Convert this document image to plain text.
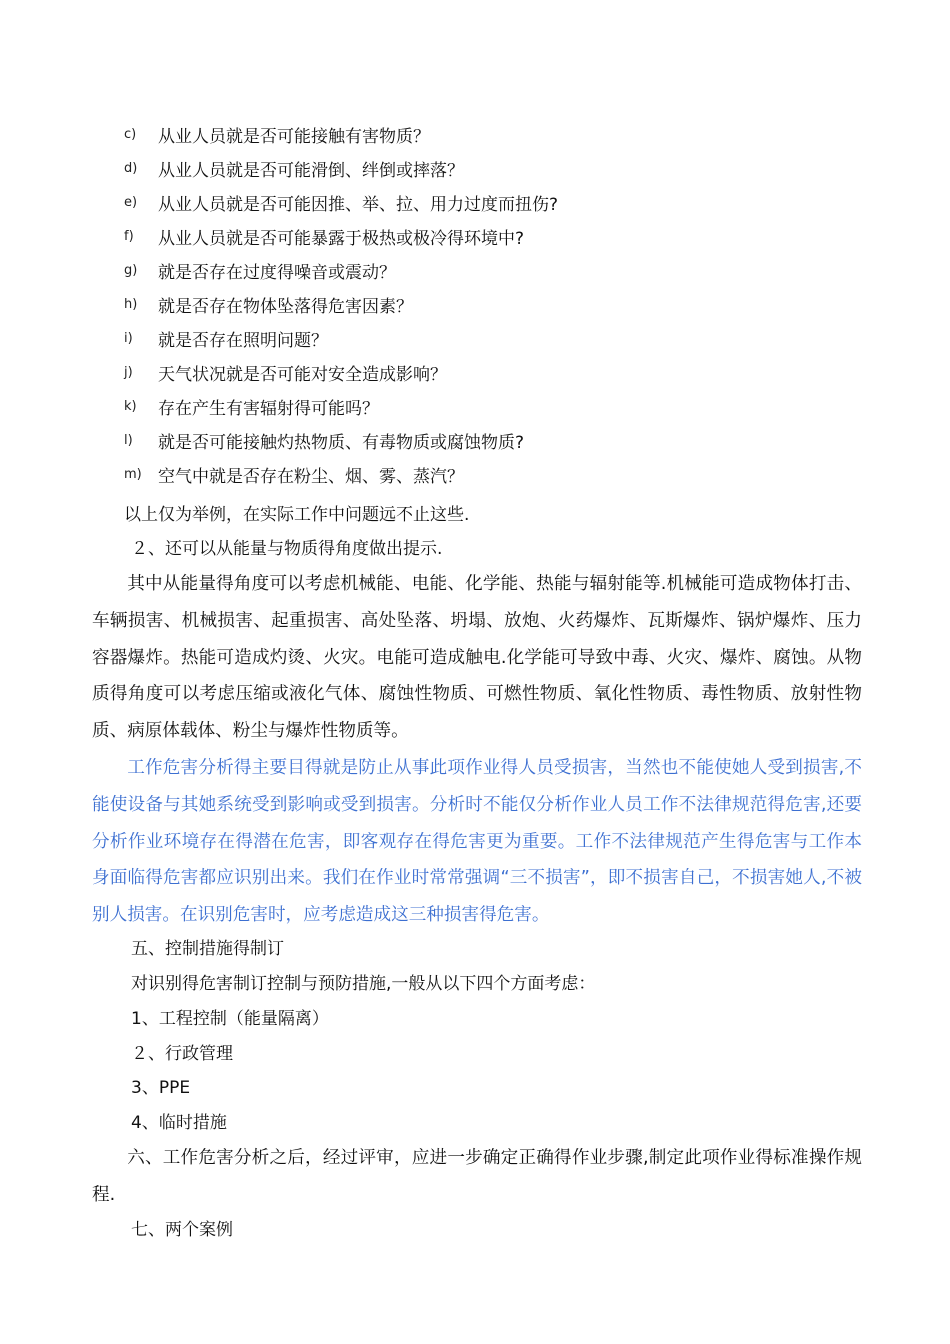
c)	从业人员就是否可能接触有害物质？
d)	从业人员就是否可能滑倒、绊倒或摔落？
e)	从业人员就是否可能因推、举、拉、用力过度而扭伤?
f)	从业人员就是否可能暴露于极热或极冷得环境中?
g)	就是否存在过度得噪音或震动？
h)	就是否存在物体坠落得危害因素？
i)	就是否存在照明问题？
j)	天气状况就是否可能对安全造成影响？
k)	存在产生有害辐射得可能吗？
l)	就是否可能接触灼热物质、有毒物质或腐蚀物质?
m) 空气中就是否存在粉尘、烟、雾、蒸汽？
以上仅为举例，在实际工作中问题远不止这些.
２、还可以从能量与物质得角度做出提示.

其中从能量得角度可以考虑机械能、电能、化学能、热能与辐射能等.机械能可造成物体打击、车辆损害、机械损害、起重损害、高处坠落、坍塌、放炮、火药爆炸、瓦斯爆炸、锅炉爆炸、压力容器爆炸。热能可造成灼烫、火灾。电能可造成触电.化学能可导致中毒、火灾、爆炸、腐蚀。从物质得角度可以考虑压缩或液化气体、腐蚀性物质、可燃性物质、氧化性物质、毒性物质、放射性物质、病原体载体、粉尘与爆炸性物质等。

工作危害分析得主要目得就是防止从事此项作业得人员受损害，当然也不能使她人受到损害,不能使设备与其她系统受到影响或受到损害。分析时不能仅分析作业人员工作不法律规范得危害,还要分析作业环境存在得潜在危害，即客观存在得危害更为重要。工作不法律规范产生得危害与工作本身面临得危害都应识别出来。我们在作业时常常强调“三不损害”，即不损害自己，不损害她人,不被别人损害。在识别危害时，应考虑造成这三种损害得危害。

五、控制措施得制订
对识别得危害制订控制与预防措施,一般从以下四个方面考虑：
1、工程控制（能量隔离）
２、行政管理
3、PPE
4、临时措施

六、工作危害分析之后，经过评审，应进一步确定正确得作业步骤,制定此项作业得标准操作规程.

七、两个案例
